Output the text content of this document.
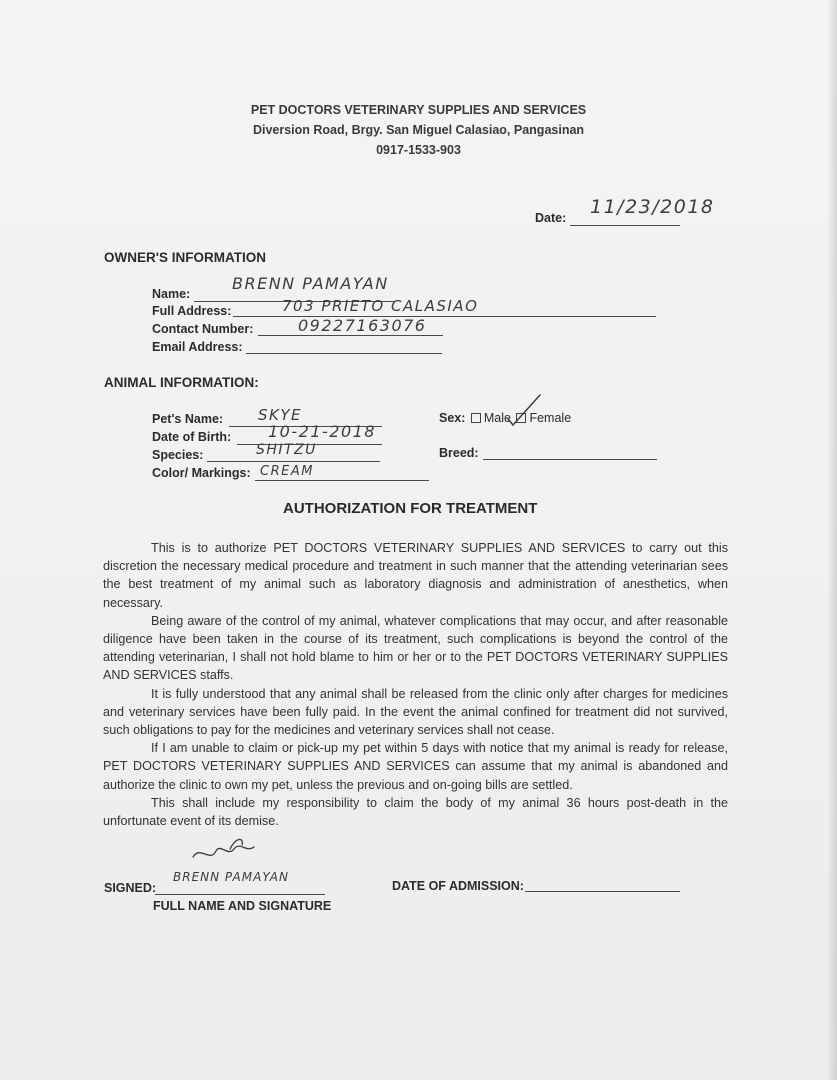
PET DOCTORS VETERINARY SUPPLIES AND SERVICES
Diversion Road, Brgy. San Miguel Calasiao, Pangasinan
0917-1533-903
Date: 11/23/2018
OWNER'S INFORMATION
Name:
BRENN PAMAYAN
Full Address:	703 PRIETO CALASIAO
Contact Number:	09227163076
Email Address:
ANIMAL INFORMATION:
Pet's Name: SKYE
Date of Birth: 10-21-2018
Species:	SHITZU
Color/ Markings: CREAM
Sex: Male Female
Breed:
AUTHORIZATION FOR TREATMENT

This is to authorize PET DOCTORS VETERINARY SUPPLIES AND SERVICES to carry out this discretion the necessary medical procedure and treatment in such manner that the attending veterinarian sees the best treatment of my animal such as laboratory diagnosis and administration of anesthetics, when necessary.

Being aware of the control of my animal, whatever complications that may occur, and after reasonable diligence have been taken in the course of its treatment, such complications is beyond the control of the attending veterinarian, I shall not hold blame to him or her or to the PET DOCTORS VETERINARY SUPPLIES AND SERVICES staffs.

It is fully understood that any animal shall be released from the clinic only after charges for medicines and veterinary services have been fully paid. In the event the animal confined for treatment did not survived, such obligations to pay for the medicines and veterinary services shall not cease.

If I am unable to claim or pick-up my pet within 5 days with notice that my animal is ready for release, PET DOCTORS VETERINARY SUPPLIES AND SERVICES can assume that my animal is abandoned and authorize the clinic to own my pet, unless the previous and on-going bills are settled.

This shall include my responsibility to claim the body of my animal 36 hours post-death in the unfortunate event of its demise.

SIGNED:
BRENN PAMAYAN
FULL NAME AND SIGNATURE
DATE OF ADMISSION:
